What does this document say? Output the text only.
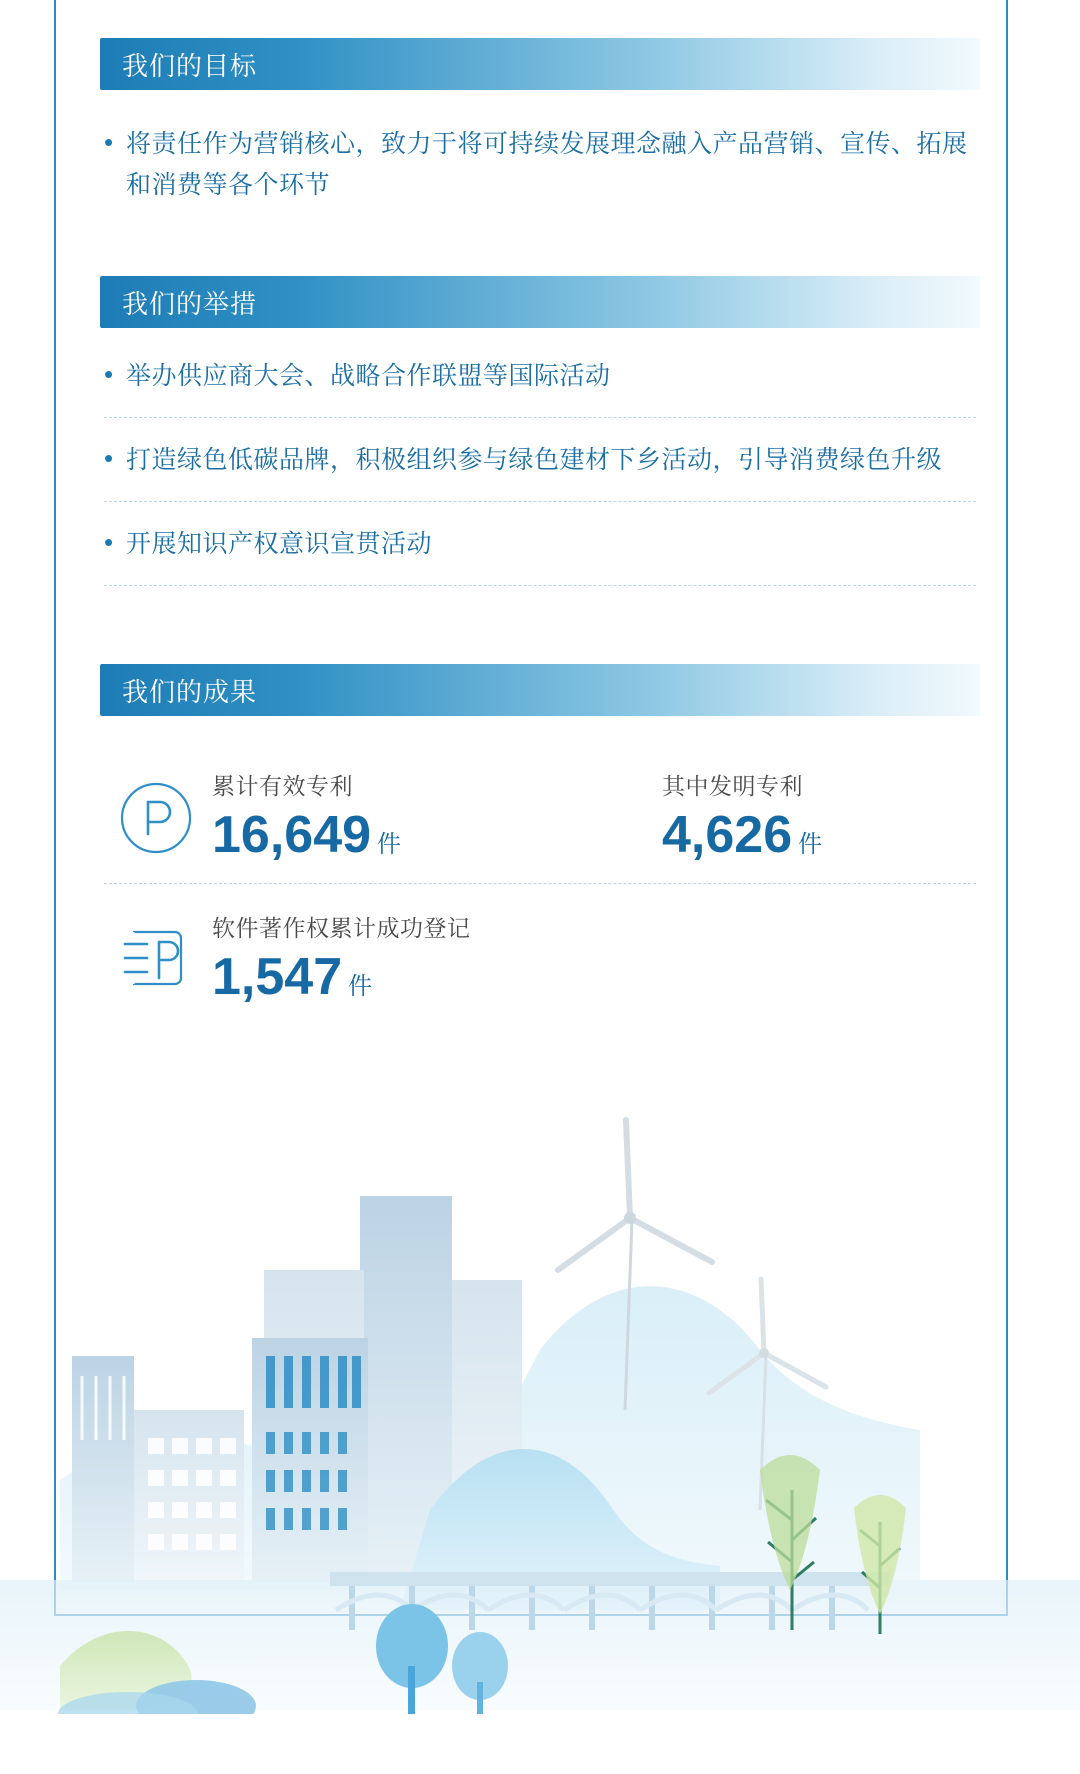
我们的目标
• 将责任作为营销核心，致力于将可持续发展理念融入产品营销、宣传、拓展和消费等各个环节
我们的举措
• 举办供应商大会、战略合作联盟等国际活动
• 打造绿色低碳品牌，积极组织参与绿色建材下乡活动，引导消费绿色升级
• 开展知识产权意识宣贯活动
我们的成果
累计有效专利
16,649 件
其中发明专利
4,626 件
软件著作权累计成功登记
1,547 件
